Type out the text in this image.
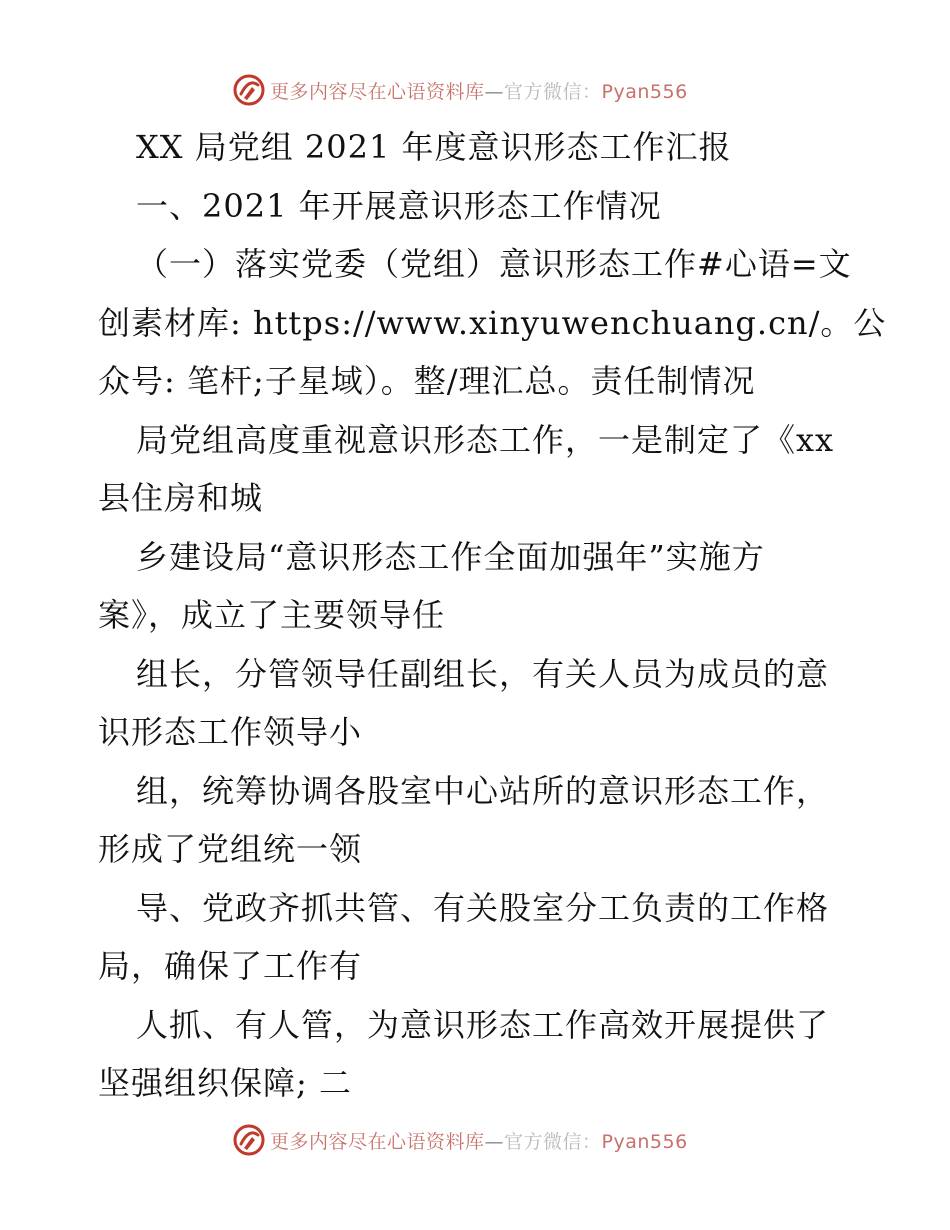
更多内容尽在心语资料库—官方微信：Pyan556
XX 局党组 2021 年度意识形态工作汇报
一、2021 年开展意识形态工作情况
（一）落实党委（党组）意识形态工作#心语=文
创素材库: https://www.xinyuwenchuang.cn/。公
众号: 笔杆;子星域）。整/理汇总。责任制情况
局党组高度重视意识形态工作，一是制定了《xx
县住房和城
乡建设局“意识形态工作全面加强年”实施方
案》，成立了主要领导任
组长，分管领导任副组长，有关人员为成员的意
识形态工作领导小
组，统筹协调各股室中心站所的意识形态工作，
形成了党组统一领
导、党政齐抓共管、有关股室分工负责的工作格
局，确保了工作有
人抓、有人管，为意识形态工作高效开展提供了
坚强组织保障; 二
更多内容尽在心语资料库—官方微信：Pyan556
